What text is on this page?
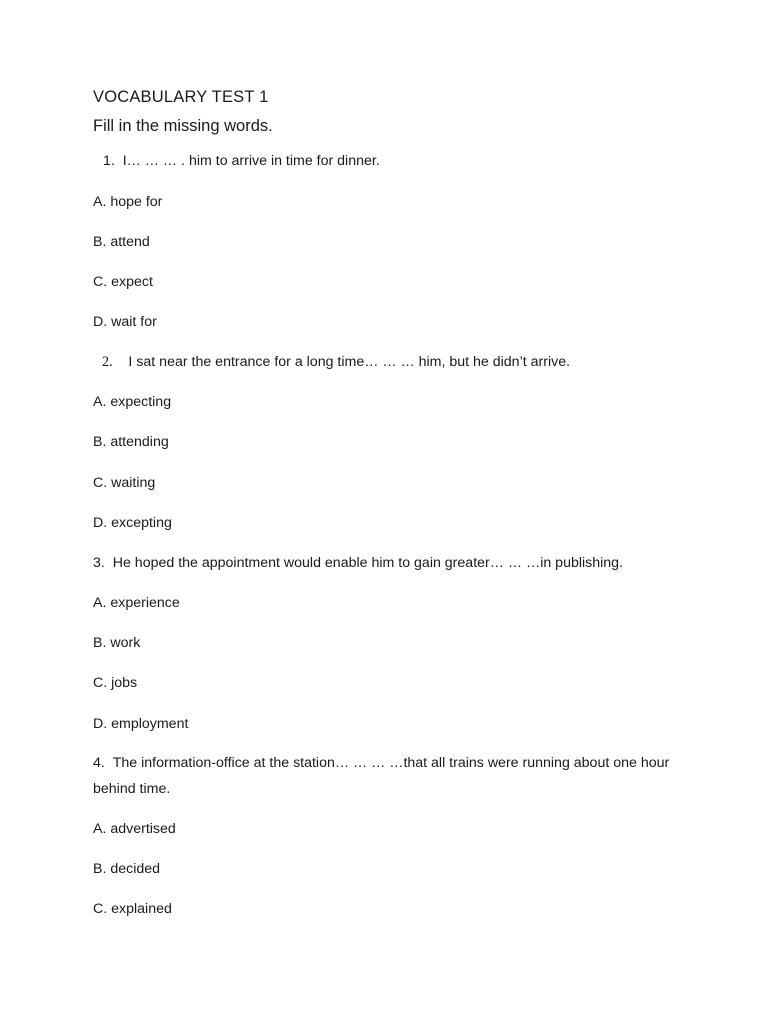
VOCABULARY TEST 1
Fill in the missing words.
1. I… … … . him to arrive in time for dinner.
A. hope for
B. attend
C. expect
D. wait for
2. I sat near the entrance for a long time… … … him, but he didn’t arrive.
A. expecting
B. attending
C. waiting
D. excepting
3. He hoped the appointment would enable him to gain greater… … …in publishing.
A. experience
B. work
C. jobs
D. employment
4. The information-office at the station… … … …that all trains were running about one hour behind time.
A. advertised
B. decided
C. explained
